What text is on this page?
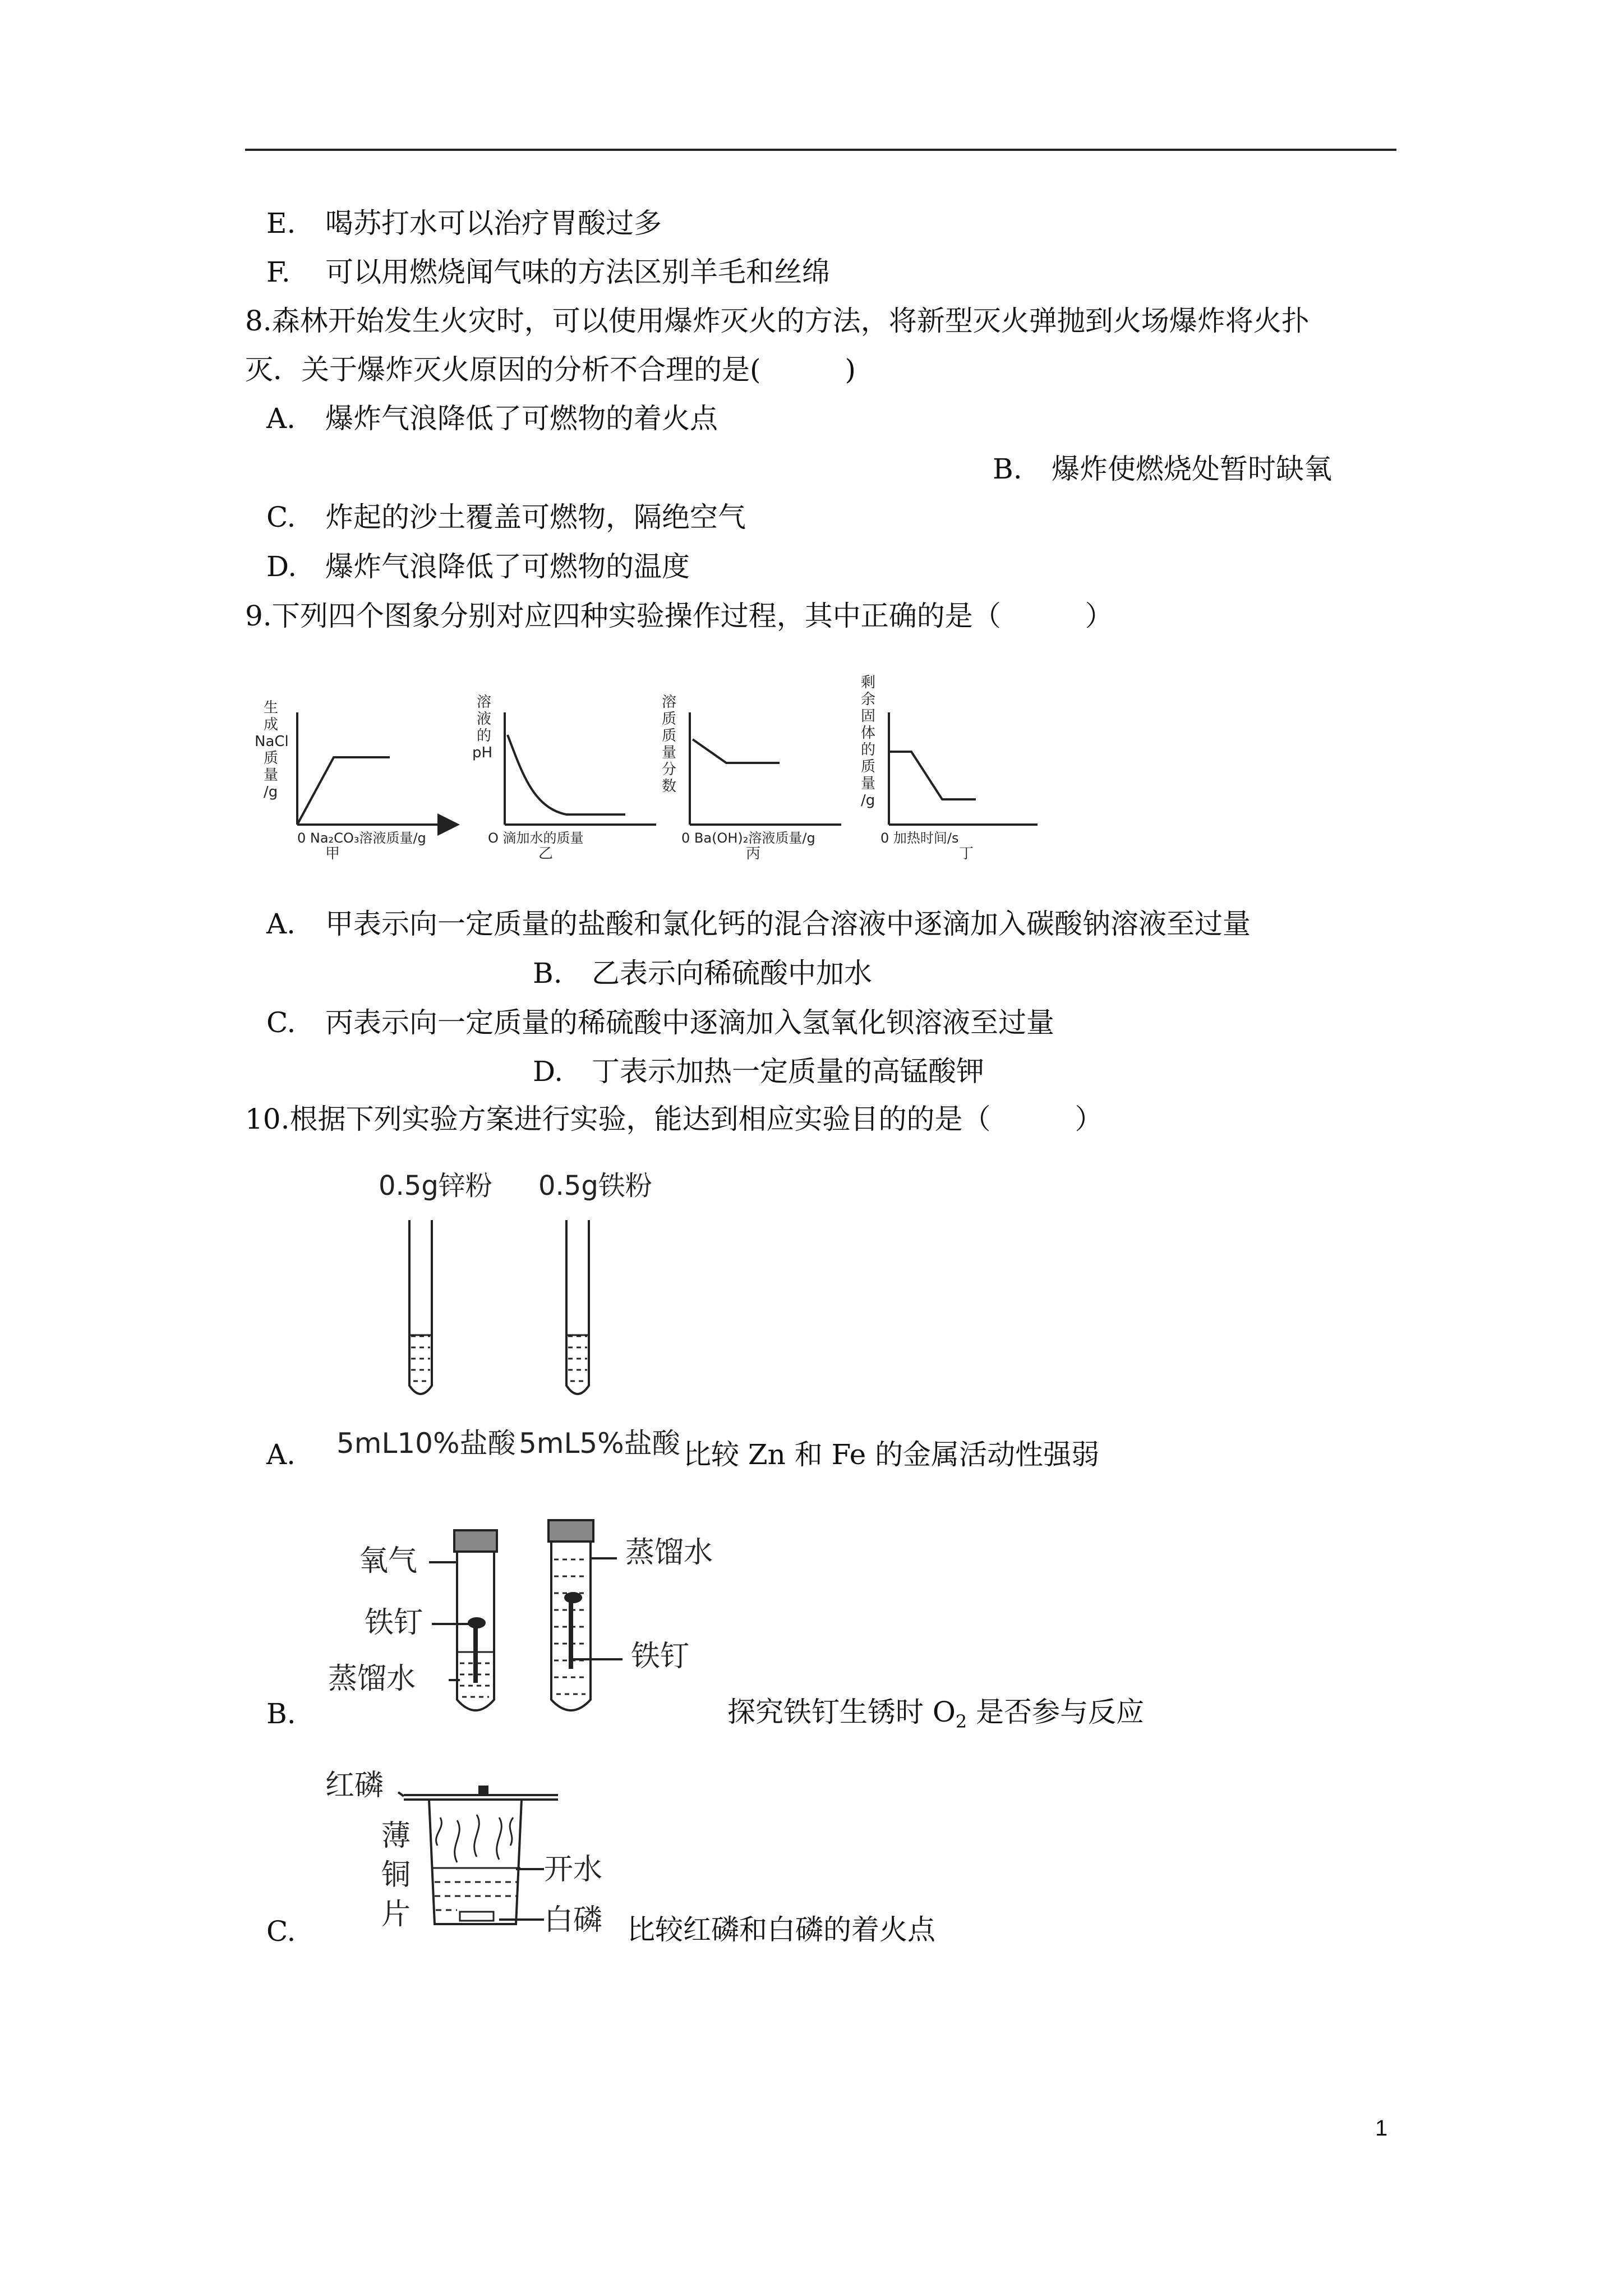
E. 喝苏打水可以治疗胃酸过多
F. 可以用燃烧闻气味的方法区别羊毛和丝绵
8.森林开始发生火灾时，可以使用爆炸灭火的方法，将新型灭火弹抛到火场爆炸将火扑
灭．关于爆炸灭火原因的分析不合理的是(　　　)
A. 爆炸气浪降低了可燃物的着火点
B. 爆炸使燃烧处暂时缺氧
C. 炸起的沙土覆盖可燃物，隔绝空气
D. 爆炸气浪降低了可燃物的温度
9.下列四个图象分别对应四种实验操作过程，其中正确的是（　　　）
生成 NaCl 质量/g
0 Na₂CO₃溶液质量/g
甲
溶液的 pH
O 滴加水的质量
乙
溶质质量分数
0 Ba(OH)₂溶液质量/g
丙
剩余固体的质量/g
0 加热时间/s
丁
A. 甲表示向一定质量的盐酸和氯化钙的混合溶液中逐滴加入碳酸钠溶液至过量
B. 乙表示向稀硫酸中加水
C. 丙表示向一定质量的稀硫酸中逐滴加入氢氧化钡溶液至过量
D. 丁表示加热一定质量的高锰酸钾
10.根据下列实验方案进行实验，能达到相应实验目的的是（　　　）
0.5g锌粉 0.5g铁粉
5mL10%盐酸 5mL5%盐酸
A.	比较 Zn 和 Fe 的金属活动性强弱
氧气
铁钉
蒸馏水
蒸馏水
铁钉
B.	探究铁钉生锈时 $O_2$ 是否参与反应
红磷
薄铜片
开水
白磷
C.	比较红磷和白磷的着火点
1
